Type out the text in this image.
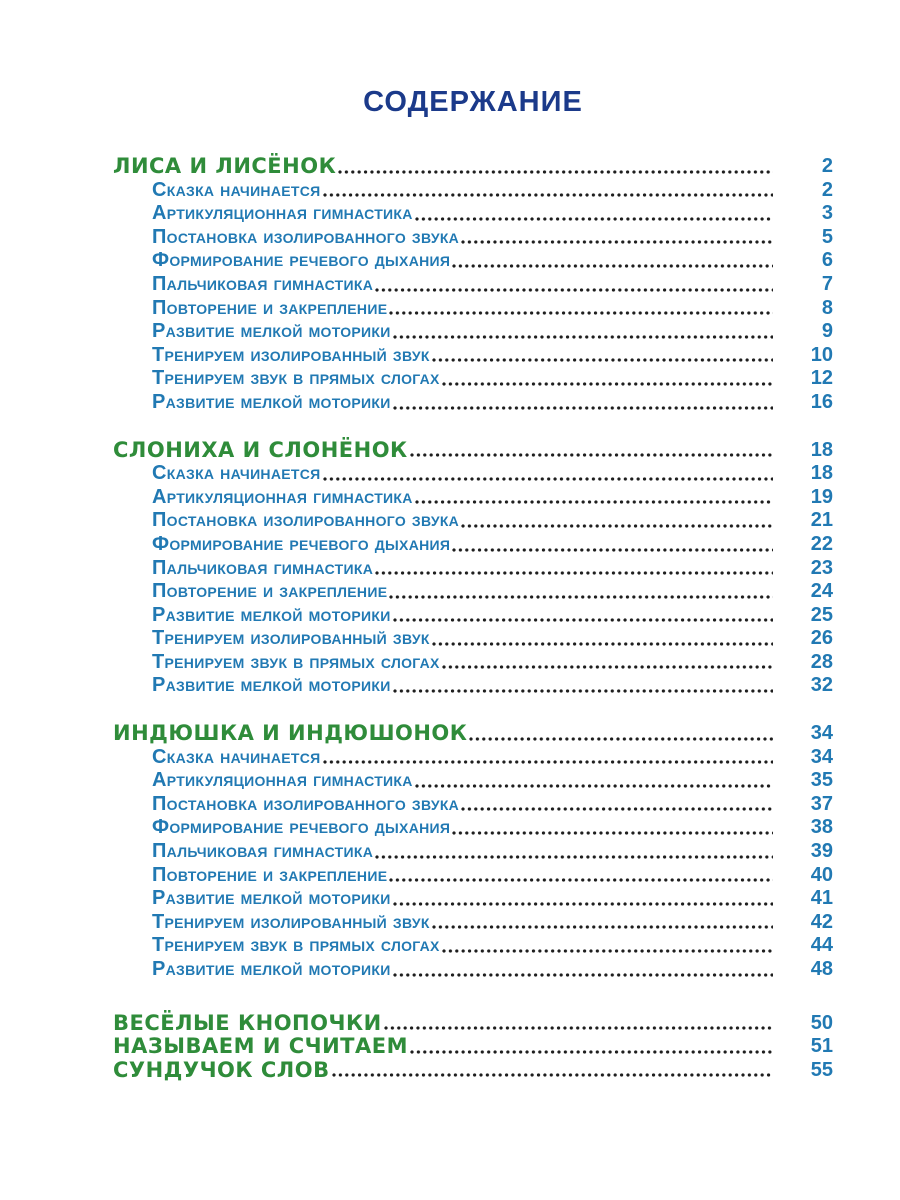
СОДЕРЖАНИЕ
ЛИСА И ЛИСЁНОК	2
Сказка начинается	2
Артикуляционная гимнастика	3
Постановка изолированного звука	5
Формирование речевого дыхания	6
Пальчиковая гимнастика	7
Повторение и закрепление	8
Развитие мелкой моторики	9
Тренируем изолированный звук	10
Тренируем звук в прямых слогах	12
Развитие мелкой моторики	16
СЛОНИХА И СЛОНЁНОК	18
Сказка начинается	18
Артикуляционная гимнастика	19
Постановка изолированного звука	21
Формирование речевого дыхания	22
Пальчиковая гимнастика	23
Повторение и закрепление	24
Развитие мелкой моторики	25
Тренируем изолированный звук	26
Тренируем звук в прямых слогах	28
Развитие мелкой моторики	32
ИНДЮШКА И ИНДЮШОНОК	34
Сказка начинается	34
Артикуляционная гимнастика	35
Постановка изолированного звука	37
Формирование речевого дыхания	38
Пальчиковая гимнастика	39
Повторение и закрепление	40
Развитие мелкой моторики	41
Тренируем изолированный звук	42
Тренируем звук в прямых слогах	44
Развитие мелкой моторики	48
ВЕСЁЛЫЕ КНОПОЧКИ	50
НАЗЫВАЕМ И СЧИТАЕМ	51
СУНДУЧОК СЛОВ	55
